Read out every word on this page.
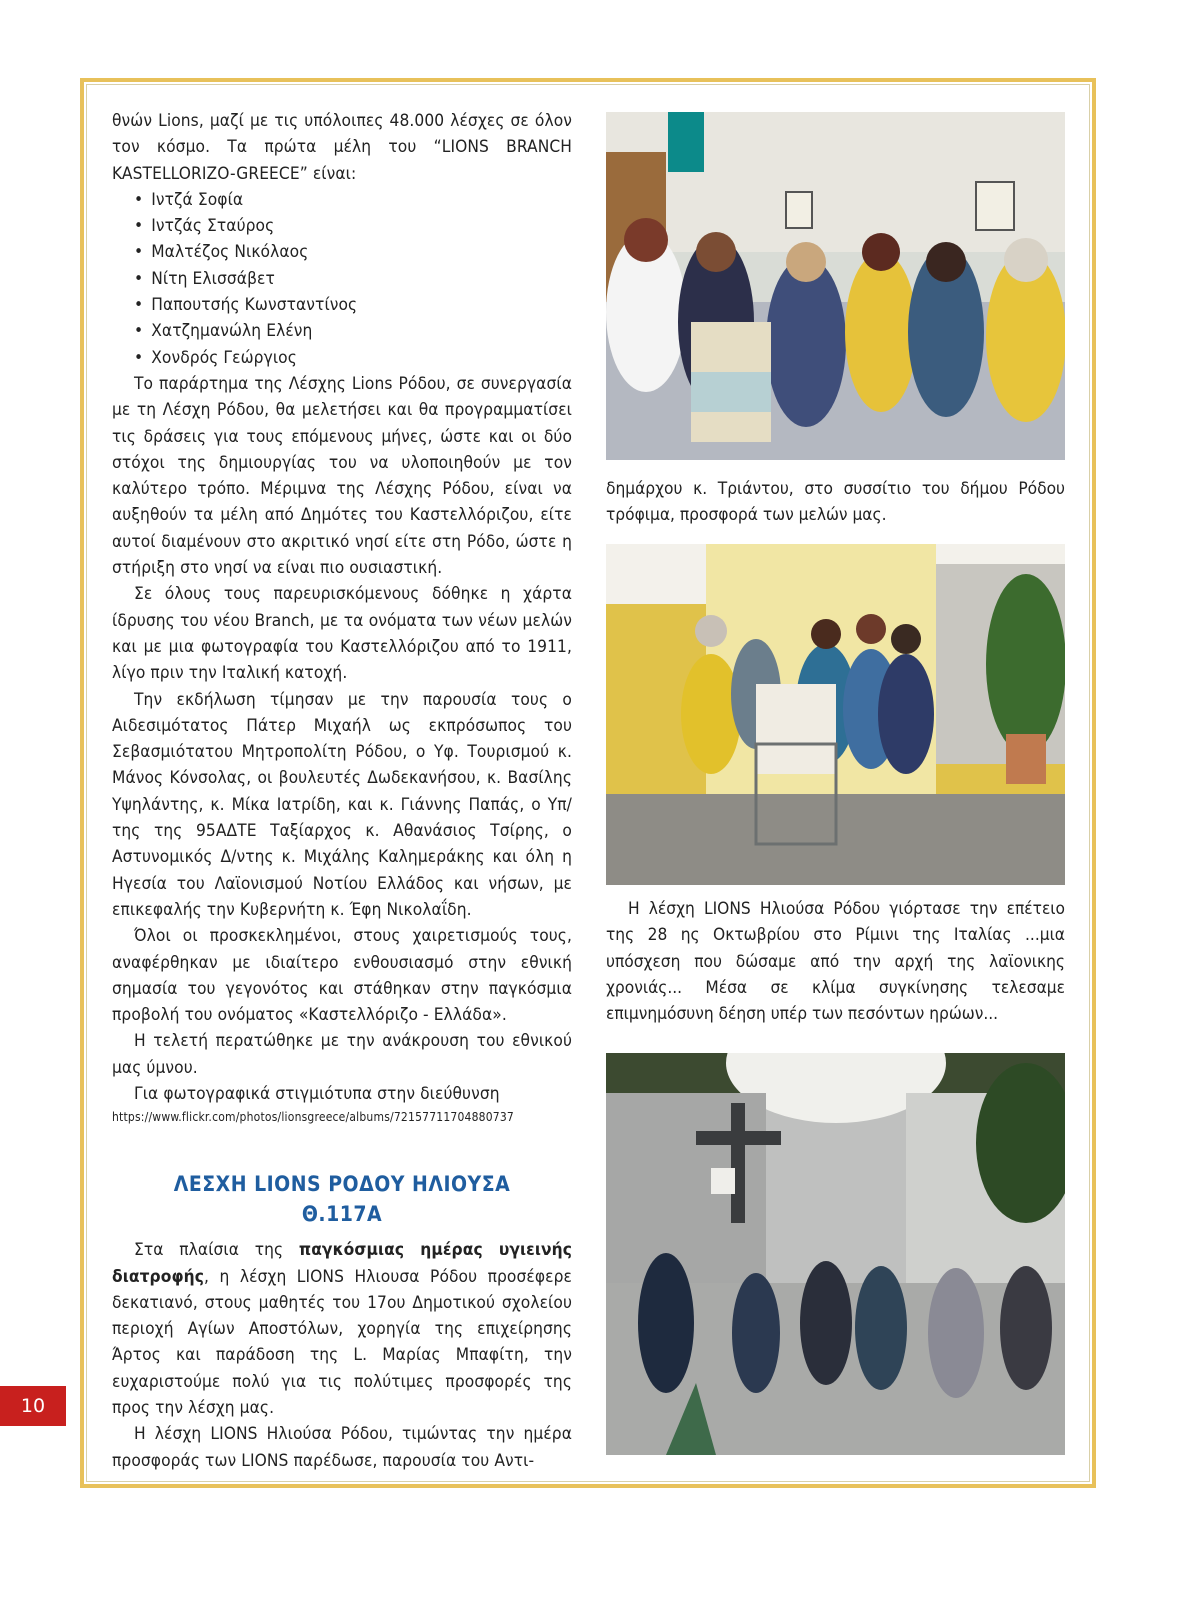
θνών Lions, μαζί με τις υπόλοιπες 48.000 λέσχες σε όλον τον κόσμο. Τα πρώτα μέλη του “LIONS BRANCH KASTELLORIZO-GREECE” είναι:

• Ιντζά Σοφία
• Ιντζάς Σταύρος
• Μαλτέζος Νικόλαος
• Νίτη Ελισσάβετ
• Παπουτσής Κωνσταντίνος
• Χατζημανώλη Ελένη
• Χονδρός Γεώργιος

Το παράρτημα της Λέσχης Lions Ρόδου, σε συνεργασία με τη Λέσχη Ρόδου, θα μελετήσει και θα προγραμματίσει τις δράσεις για τους επόμενους μήνες, ώστε και οι δύο στόχοι της δημιουργίας του να υλοποιηθούν με τον καλύτερο τρόπο. Μέριμνα της Λέσχης Ρόδου, είναι να αυξηθούν τα μέλη από Δημότες του Καστελλόριζου, είτε αυτοί διαμένουν στο ακριτικό νησί είτε στη Ρόδο, ώστε η στήριξη στο νησί να είναι πιο ουσιαστική.

Σε όλους τους παρευρισκόμενους δόθηκε η χάρτα ίδρυσης του νέου Branch, με τα ονόματα των νέων μελών και με μια φωτογραφία του Καστελλόριζου από το 1911, λίγο πριν την Ιταλική κατοχή.

Την εκδήλωση τίμησαν με την παρουσία τους ο Αιδεσιμότατος Πάτερ Μιχαήλ ως εκπρόσωπος του Σεβασμιότατου Μητροπολίτη Ρόδου, ο Υφ. Τουρισμού κ. Μάνος Κόνσολας, οι βουλευτές Δωδεκανήσου, κ. Βασίλης Υψηλάντης, κ. Μίκα Ιατρίδη, και κ. Γιάννης Παπάς, ο Υπ/της της 95ΑΔΤΕ Ταξίαρχος κ. Αθανάσιος Τσίρης, ο Αστυνομικός Δ/ντης κ. Μιχάλης Καλημεράκης και όλη η Ηγεσία του Λαϊονισμού Νοτίου Ελλάδος και νήσων, με επικεφαλής την Κυβερνήτη κ. Έφη Νικολαΐδη.

Όλοι οι προσκεκλημένοι, στους χαιρετισμούς τους, αναφέρθηκαν με ιδιαίτερο ενθουσιασμό στην εθνική σημασία του γεγονότος και στάθηκαν στην παγκόσμια προβολή του ονόματος «Καστελλόριζο - Ελλάδα».

Η τελετή περατώθηκε με την ανάκρουση του εθνικού μας ύμνου.

Για φωτογραφικά στιγμιότυπα στην διεύθυνση

https://www.flickr.com/photos/lionsgreece/albums/72157711704880737
ΛΕΣΧΗ LIONS ΡΟΔΟΥ ΗΛΙΟΥΣΑ
Θ.117Α

Στα πλαίσια της παγκόσμιας ημέρας υγιεινής διατροφής, η λέσχη LIONS Ηλιουσα Ρόδου προσέφερε δεκατιανό, στους μαθητές του 17ου Δημοτικού σχολείου περιοχή Αγίων Αποστόλων, χορηγία της επιχείρησης Άρτος και παράδοση της L. Μαρίας Μπαφίτη, την ευχαριστούμε πολύ για τις πολύτιμες προσφορές της προς την λέσχη μας.

Η λέσχη LIONS Ηλιούσα Ρόδου, τιμώντας την ημέρα προσφοράς των LIONS παρέδωσε, παρουσία του Αντι-

δημάρχου κ. Τριάντου, στο συσσίτιο του δήμου Ρόδου τρόφιμα, προσφορά των μελών μας.

Η λέσχη LIONS Ηλιούσα Ρόδου γιόρτασε την επέτειο της 28 ης Οκτωβρίου στο Ρίμινι της Ιταλίας ...μια υπόσχεση που δώσαμε από την αρχή της λαϊονικης χρονιάς... Μέσα σε κλίμα συγκίνησης τελεσαμε επιμνημόσυνη δέηση υπέρ των πεσόντων ηρώων...

10
